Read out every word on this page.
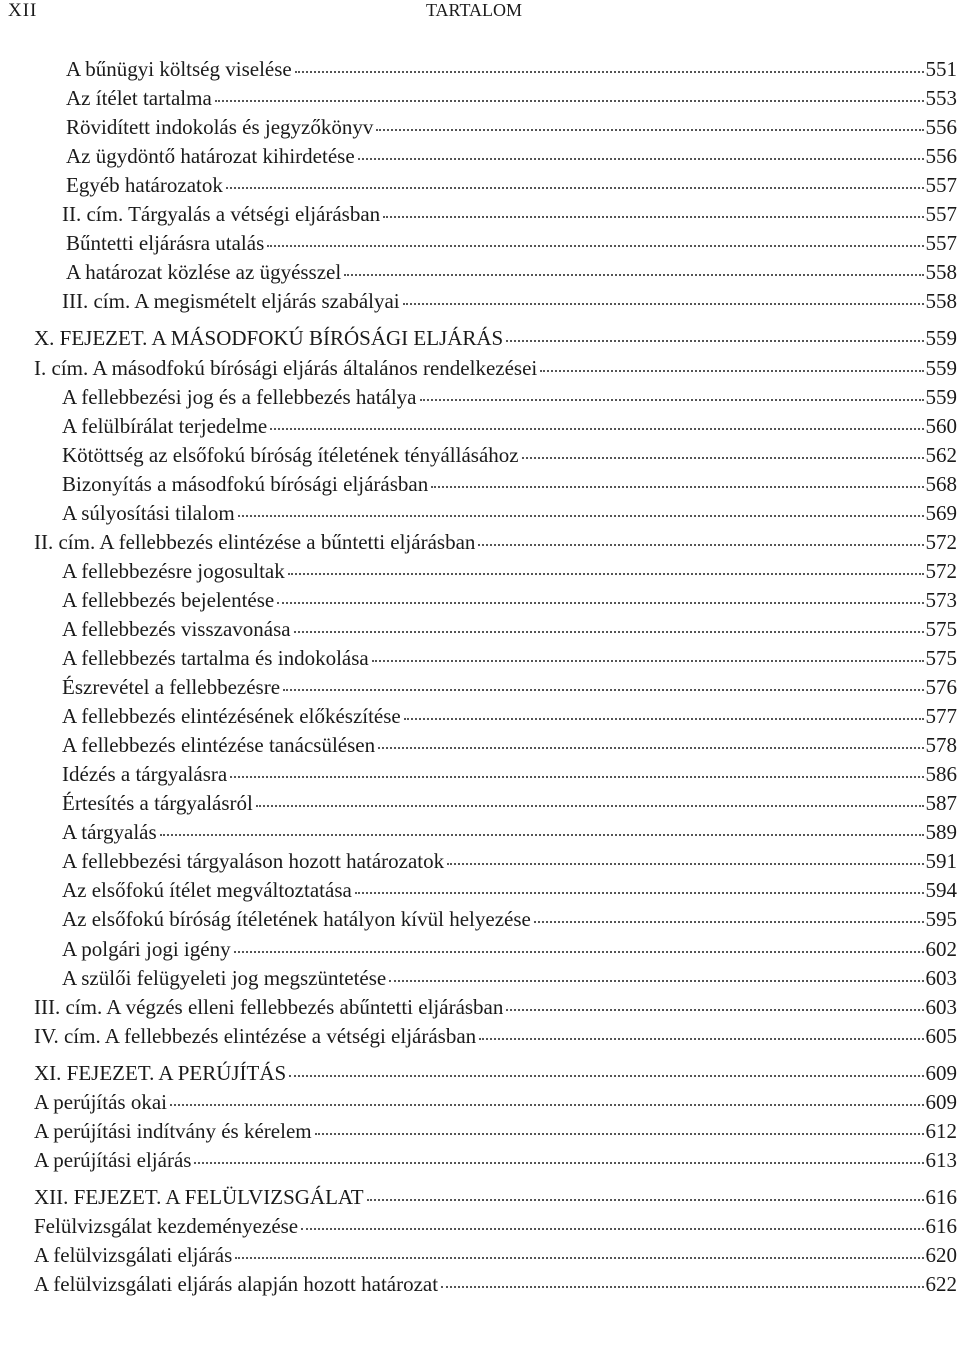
XII	TARTALOM
A bűnügyi költség viselése	551
Az ítélet tartalma	553
Rövidített indokolás és jegyzőkönyv	556
Az ügydöntő határozat kihirdetése	556
Egyéb határozatok	557
II. cím. Tárgyalás a vétségi eljárásban	557
Bűntetti eljárásra utalás	557
A határozat közlése az ügyésszel	558
III. cím. A megismételt eljárás szabályai	558
X. FEJEZET. A MÁSODFOKÚ BÍRÓSÁGI ELJÁRÁS	559
I. cím. A másodfokú bírósági eljárás általános rendelkezései	559
A fellebbezési jog és a fellebbezés hatálya	559
A felülbírálat terjedelme	560
Kötöttség az elsőfokú bíróság ítéletének tényállásához	562
Bizonyítás a másodfokú bírósági eljárásban	568
A súlyosítási tilalom	569
II. cím. A fellebbezés elintézése a bűntetti eljárásban	572
A fellebbezésre jogosultak	572
A fellebbezés bejelentése	573
A fellebbezés visszavonása	575
A fellebbezés tartalma és indokolása	575
Észrevétel a fellebbezésre	576
A fellebbezés elintézésének előkészítése	577
A fellebbezés elintézése tanácsülésen	578
Idézés a tárgyalásra	586
Értesítés a tárgyalásról	587
A tárgyalás	589
A fellebbezési tárgyaláson hozott határozatok	591
Az elsőfokú ítélet megváltoztatása	594
Az elsőfokú bíróság ítéletének hatályon kívül helyezése	595
A polgári jogi igény	602
A szülői felügyeleti jog megszüntetése	603
III. cím. A végzés elleni fellebbezés abűntetti eljárásban	603
IV. cím. A fellebbezés elintézése a vétségi eljárásban	605
XI. FEJEZET. A PERÚJÍTÁS	609
A perújítás okai	609
A perújítási indítvány és kérelem	612
A perújítási eljárás	613
XII. FEJEZET. A FELÜLVIZSGÁLAT	616
Felülvizsgálat kezdeményezése	616
A felülvizsgálati eljárás	620
A felülvizsgálati eljárás alapján hozott határozat	622
